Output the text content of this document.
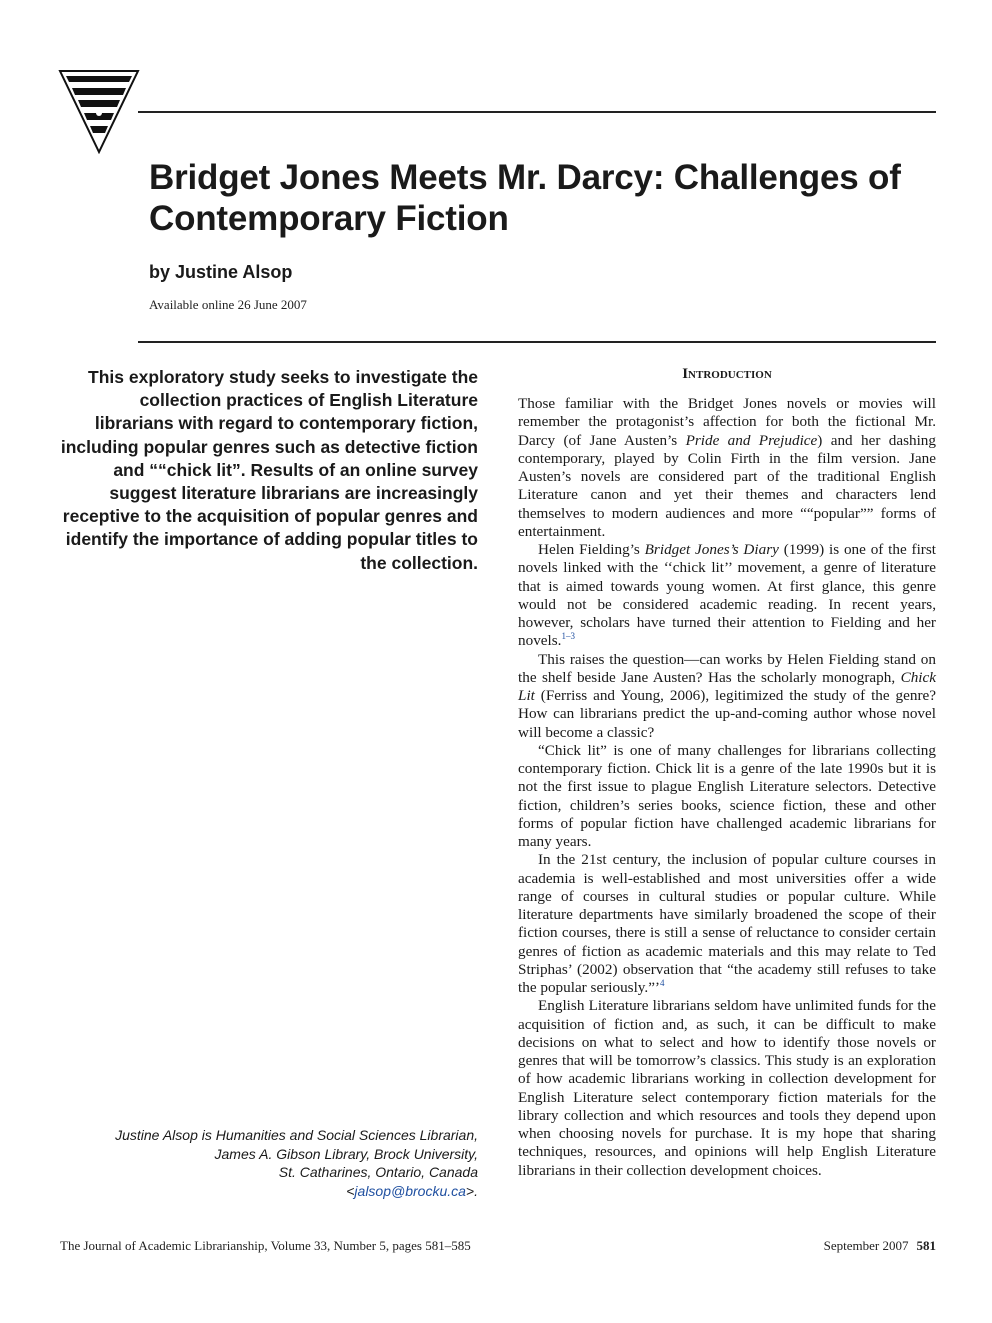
Bridget Jones Meets Mr. Darcy: Challenges of Contemporary Fiction
by Justine Alsop
Available online 26 June 2007

This exploratory study seeks to investigate the collection practices of English Literature librarians with regard to contemporary fiction, including popular genres such as detective fiction and ““chick lit”. Results of an online survey suggest literature librarians are increasingly receptive to the acquisition of popular genres and identify the importance of adding popular titles to the collection.

Justine Alsop is Humanities and Social Sciences Librarian,
James A. Gibson Library, Brock University,
St. Catharines, Ontario, Canada
<jalsop@brocku.ca>.
Introduction

Those familiar with the Bridget Jones novels or movies will remember the protagonist’s affection for both the fictional Mr. Darcy (of Jane Austen’s Pride and Prejudice) and her dashing contemporary, played by Colin Firth in the film version. Jane Austen’s novels are considered part of the traditional English Literature canon and yet their themes and characters lend themselves to modern audiences and more ““popular”” forms of entertainment.

Helen Fielding’s Bridget Jones’s Diary (1999) is one of the first novels linked with the ‘‘chick lit’’ movement, a genre of literature that is aimed towards young women. At first glance, this genre would not be considered academic reading. In recent years, however, scholars have turned their attention to Fielding and her novels.$^{1-3}$

This raises the question—can works by Helen Fielding stand on the shelf beside Jane Austen? Has the scholarly monograph, Chick Lit (Ferriss and Young, 2006), legitimized the study of the genre? How can librarians predict the up-and-coming author whose novel will become a classic?

“Chick lit” is one of many challenges for librarians collecting contemporary fiction. Chick lit is a genre of the late 1990s but it is not the first issue to plague English Literature selectors. Detective fiction, children’s series books, science fiction, these and other forms of popular fiction have challenged academic librarians for many years.

In the 21st century, the inclusion of popular culture courses in academia is well-established and most universities offer a wide range of courses in cultural studies or popular culture. While literature departments have similarly broadened the scope of their fiction courses, there is still a sense of reluctance to consider certain genres of fiction as academic materials and this may relate to Ted Striphas’ (2002) observation that “the academy still refuses to take the popular seriously.”’$^4$

English Literature librarians seldom have unlimited funds for the acquisition of fiction and, as such, it can be difficult to make decisions on what to select and how to identify those novels or genres that will be tomorrow’s classics. This study is an exploration of how academic librarians working in collection development for English Literature select contemporary fiction materials for the library collection and which resources and tools they depend upon when choosing novels for purchase. It is my hope that sharing techniques, resources, and opinions will help English Literature librarians in their collection development choices.

The Journal of Academic Librarianship, Volume 33, Number 5, pages 581–585	September 2007 581
